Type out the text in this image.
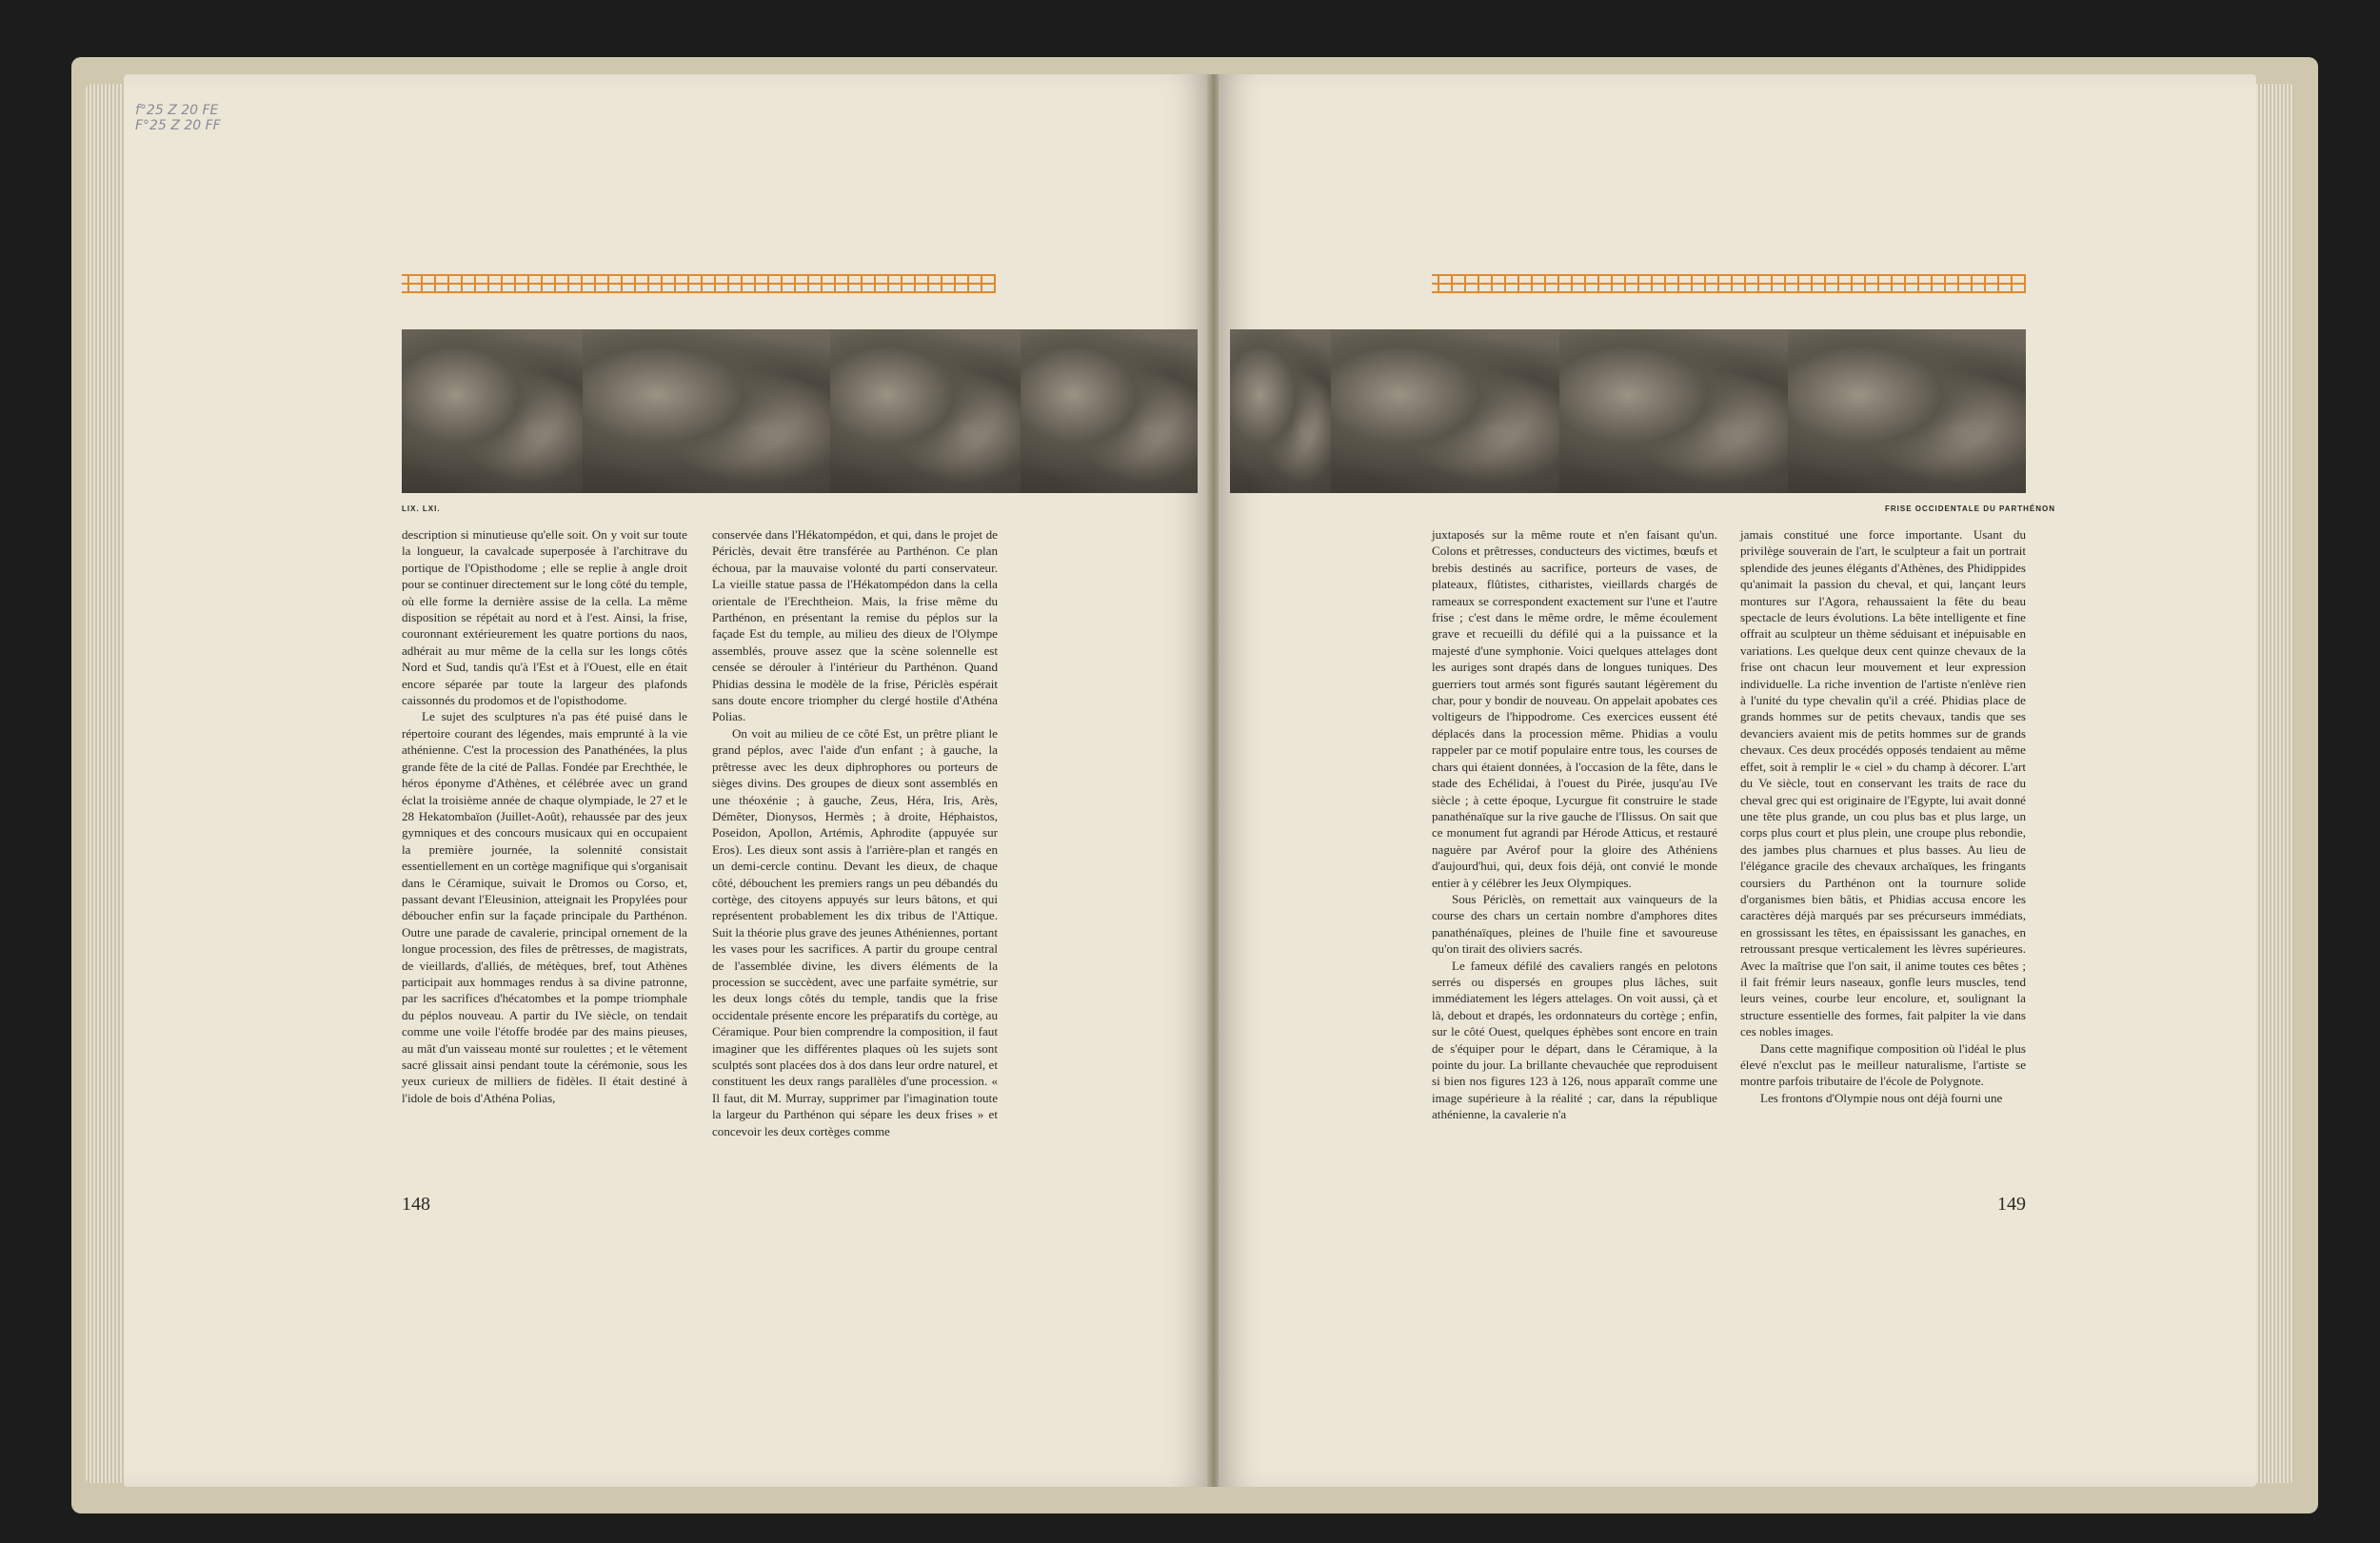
f°25 Z 20 FE
F°25 Z 20 FF
LIX. LXI.

description si minutieuse qu'elle soit. On y voit sur toute la longueur, la cavalcade superposée à l'architrave du portique de l'Opisthodome ; elle se replie à angle droit pour se continuer directement sur le long côté du temple, où elle forme la dernière assise de la cella. La même disposition se répétait au nord et à l'est. Ainsi, la frise, couronnant extérieurement les quatre portions du naos, adhérait au mur même de la cella sur les longs côtés Nord et Sud, tandis qu'à l'Est et à l'Ouest, elle en était encore séparée par toute la largeur des plafonds caissonnés du prodomos et de l'opisthodome.

Le sujet des sculptures n'a pas été puisé dans le répertoire courant des légendes, mais emprunté à la vie athénienne. C'est la procession des Panathénées, la plus grande fête de la cité de Pallas. Fondée par Erechthée, le héros éponyme d'Athènes, et célébrée avec un grand éclat la troisième année de chaque olympiade, le 27 et le 28 Hekatombaïon (Juillet-Août), rehaussée par des jeux gymniques et des concours musicaux qui en occupaient la première journée, la solennité consistait essentiellement en un cortège magnifique qui s'organisait dans le Céramique, suivait le Dromos ou Corso, et, passant devant l'Eleusinion, atteignait les Propylées pour déboucher enfin sur la façade principale du Parthénon. Outre une parade de cavalerie, principal ornement de la longue procession, des files de prêtresses, de magistrats, de vieillards, d'alliés, de métèques, bref, tout Athènes participait aux hommages rendus à sa divine patronne, par les sacrifices d'hécatombes et la pompe triomphale du péplos nouveau. A partir du IVe siècle, on tendait comme une voile l'étoffe brodée par des mains pieuses, au mât d'un vaisseau monté sur roulettes ; et le vêtement sacré glissait ainsi pendant toute la cérémonie, sous les yeux curieux de milliers de fidèles. Il était destiné à l'idole de bois d'Athéna Polias,

conservée dans l'Hékatompédon, et qui, dans le projet de Périclès, devait être transférée au Parthénon. Ce plan échoua, par la mauvaise volonté du parti conservateur. La vieille statue passa de l'Hékatompédon dans la cella orientale de l'Erechtheion. Mais, la frise même du Parthénon, en présentant la remise du péplos sur la façade Est du temple, au milieu des dieux de l'Olympe assemblés, prouve assez que la scène solennelle est censée se dérouler à l'intérieur du Parthénon. Quand Phidias dessina le modèle de la frise, Périclès espérait sans doute encore triompher du clergé hostile d'Athéna Polias.

On voit au milieu de ce côté Est, un prêtre pliant le grand péplos, avec l'aide d'un enfant ; à gauche, la prêtresse avec les deux diphrophores ou porteurs de sièges divins. Des groupes de dieux sont assemblés en une théoxénie ; à gauche, Zeus, Héra, Iris, Arès, Démêter, Dionysos, Hermès ; à droite, Héphaistos, Poseidon, Apollon, Artémis, Aphrodite (appuyée sur Eros). Les dieux sont assis à l'arrière-plan et rangés en un demi-cercle continu. Devant les dieux, de chaque côté, débouchent les premiers rangs un peu débandés du cortège, des citoyens appuyés sur leurs bâtons, et qui représentent probablement les dix tribus de l'Attique. Suit la théorie plus grave des jeunes Athéniennes, portant les vases pour les sacrifices. A partir du groupe central de l'assemblée divine, les divers éléments de la procession se succèdent, avec une parfaite symétrie, sur les deux longs côtés du temple, tandis que la frise occidentale présente encore les préparatifs du cortège, au Céramique. Pour bien comprendre la composition, il faut imaginer que les différentes plaques où les sujets sont sculptés sont placées dos à dos dans leur ordre naturel, et constituent les deux rangs parallèles d'une procession. « Il faut, dit M. Murray, supprimer par l'imagination toute la largeur du Parthénon qui sépare les deux frises » et concevoir les deux cortèges comme

148
FRISE OCCIDENTALE DU PARTHÉNON

juxtaposés sur la même route et n'en faisant qu'un. Colons et prêtresses, conducteurs des victimes, bœufs et brebis destinés au sacrifice, porteurs de vases, de plateaux, flûtistes, citharistes, vieillards chargés de rameaux se correspondent exactement sur l'une et l'autre frise ; c'est dans le même ordre, le même écoulement grave et recueilli du défilé qui a la puissance et la majesté d'une symphonie. Voici quelques attelages dont les auriges sont drapés dans de longues tuniques. Des guerriers tout armés sont figurés sautant légèrement du char, pour y bondir de nouveau. On appelait apobates ces voltigeurs de l'hippodrome. Ces exercices eussent été déplacés dans la procession même. Phidias a voulu rappeler par ce motif populaire entre tous, les courses de chars qui étaient données, à l'occasion de la fête, dans le stade des Echélidai, à l'ouest du Pirée, jusqu'au IVe siècle ; à cette époque, Lycurgue fit construire le stade panathénaïque sur la rive gauche de l'Ilissus. On sait que ce monument fut agrandi par Hérode Atticus, et restauré naguère par Avérof pour la gloire des Athéniens d'aujourd'hui, qui, deux fois déjà, ont convié le monde entier à y célébrer les Jeux Olympiques.

Sous Périclès, on remettait aux vainqueurs de la course des chars un certain nombre d'amphores dites panathénaïques, pleines de l'huile fine et savoureuse qu'on tirait des oliviers sacrés.

Le fameux défilé des cavaliers rangés en pelotons serrés ou dispersés en groupes plus lâches, suit immédiatement les légers attelages. On voit aussi, çà et là, debout et drapés, les ordonnateurs du cortège ; enfin, sur le côté Ouest, quelques éphèbes sont encore en train de s'équiper pour le départ, dans le Céramique, à la pointe du jour. La brillante chevauchée que reproduisent si bien nos figures 123 à 126, nous apparaît comme une image supérieure à la réalité ; car, dans la république athénienne, la cavalerie n'a

jamais constitué une force importante. Usant du privilège souverain de l'art, le sculpteur a fait un portrait splendide des jeunes élégants d'Athènes, des Phidippides qu'animait la passion du cheval, et qui, lançant leurs montures sur l'Agora, rehaussaient la fête du beau spectacle de leurs évolutions. La bête intelligente et fine offrait au sculpteur un thème séduisant et inépuisable en variations. Les quelque deux cent quinze chevaux de la frise ont chacun leur mouvement et leur expression individuelle. La riche invention de l'artiste n'enlève rien à l'unité du type chevalin qu'il a créé. Phidias place de grands hommes sur de petits chevaux, tandis que ses devanciers avaient mis de petits hommes sur de grands chevaux. Ces deux procédés opposés tendaient au même effet, soit à remplir le « ciel » du champ à décorer. L'art du Ve siècle, tout en conservant les traits de race du cheval grec qui est originaire de l'Egypte, lui avait donné une tête plus grande, un cou plus bas et plus large, un corps plus court et plus plein, une croupe plus rebondie, des jambes plus charnues et plus basses. Au lieu de l'élégance gracile des chevaux archaïques, les fringants coursiers du Parthénon ont la tournure solide d'organismes bien bâtis, et Phidias accusa encore les caractères déjà marqués par ses précurseurs immédiats, en grossissant les têtes, en épaississant les ganaches, en retroussant presque verticalement les lèvres supérieures. Avec la maîtrise que l'on sait, il anime toutes ces bêtes ; il fait frémir leurs naseaux, gonfle leurs muscles, tend leurs veines, courbe leur encolure, et, soulignant la structure essentielle des formes, fait palpiter la vie dans ces nobles images.

Dans cette magnifique composition où l'idéal le plus élevé n'exclut pas le meilleur naturalisme, l'artiste se montre parfois tributaire de l'école de Polygnote.

Les frontons d'Olympie nous ont déjà fourni une

149
